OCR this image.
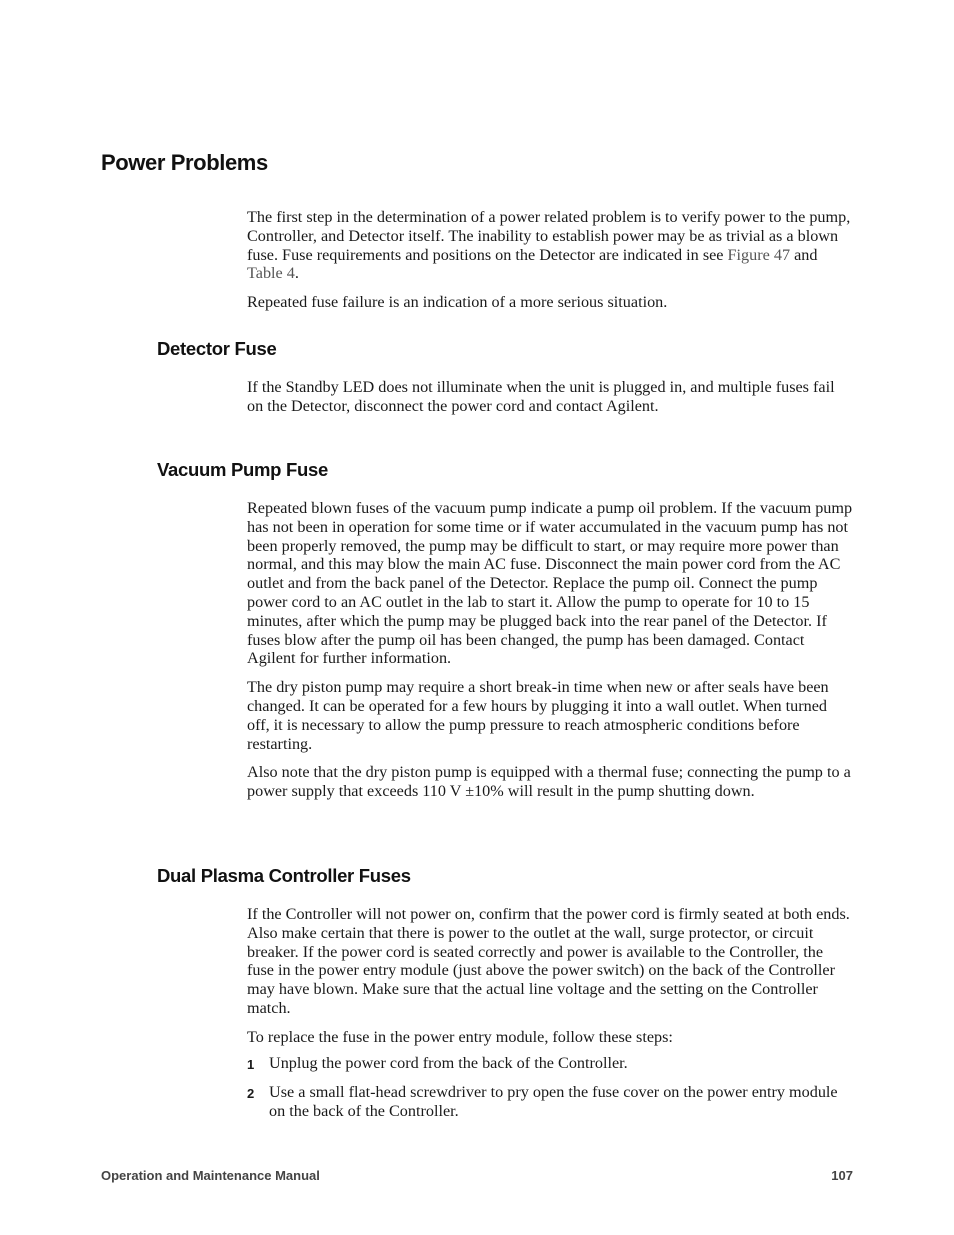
Power Problems

The first step in the determination of a power related problem is to verify power to the pump, Controller, and Detector itself. The inability to establish power may be as trivial as a blown fuse. Fuse requirements and positions on the Detector are indicated in see Figure 47 and Table 4.

Repeated fuse failure is an indication of a more serious situation.

Detector Fuse

If the Standby LED does not illuminate when the unit is plugged in, and multiple fuses fail on the Detector, disconnect the power cord and contact Agilent.

Vacuum Pump Fuse

Repeated blown fuses of the vacuum pump indicate a pump oil problem. If the vacuum pump has not been in operation for some time or if water accumulated in the vacuum pump has not been properly removed, the pump may be difficult to start, or may require more power than normal, and this may blow the main AC fuse. Disconnect the main power cord from the AC outlet and from the back panel of the Detector. Replace the pump oil. Connect the pump power cord to an AC outlet in the lab to start it. Allow the pump to operate for 10 to 15 minutes, after which the pump may be plugged back into the rear panel of the Detector. If fuses blow after the pump oil has been changed, the pump has been damaged. Contact Agilent for further information.

The dry piston pump may require a short break-in time when new or after seals have been changed. It can be operated for a few hours by plugging it into a wall outlet. When turned off, it is necessary to allow the pump pressure to reach atmospheric conditions before restarting.

Also note that the dry piston pump is equipped with a thermal fuse; connecting the pump to a power supply that exceeds 110 V ±10% will result in the pump shutting down.

Dual Plasma Controller Fuses

If the Controller will not power on, confirm that the power cord is firmly seated at both ends. Also make certain that there is power to the outlet at the wall, surge protector, or circuit breaker. If the power cord is seated correctly and power is available to the Controller, the fuse in the power entry module (just above the power switch) on the back of the Controller may have blown. Make sure that the actual line voltage and the setting on the Controller match.

To replace the fuse in the power entry module, follow these steps:

1 Unplug the power cord from the back of the Controller.
2 Use a small flat-head screwdriver to pry open the fuse cover on the power entry module on the back of the Controller.
Operation and Maintenance Manual	107
